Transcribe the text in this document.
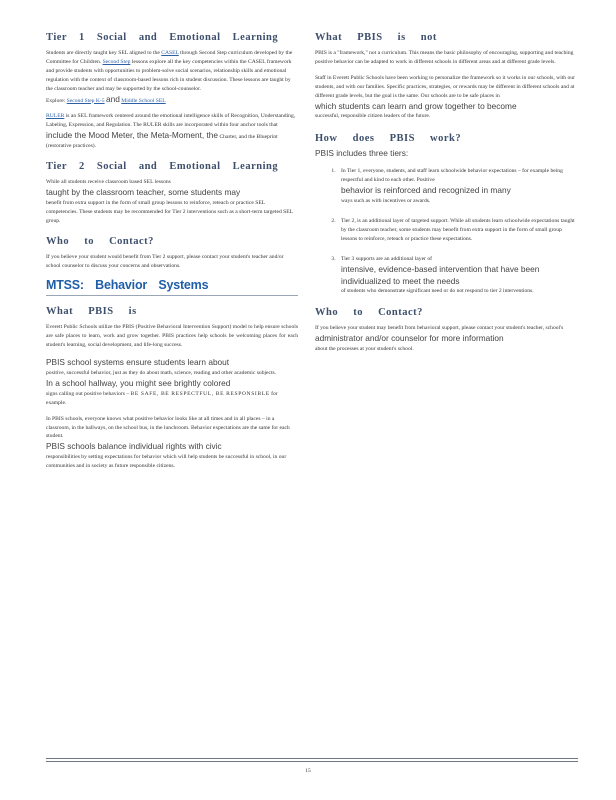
Tier 1 Social and Emotional Learning

Students are directly taught key SEL aligned to the CASEL through Second Step curriculum developed by the Committee for Children. Second Step lessons explore all the key competencies within the CASEL framework and provide students with opportunities to problem-solve social scenarios, relationship skills and emotional regulation with the context of classroom-based lessons rich in student discussion. These lessons are taught by the classroom teacher and may be supported by the school-counselor.
Explore: Second Step K-5 and Middle School SEL

RULER is an SEL framework centered around the emotional intelligence skills of Recognition, Understanding, Labeling, Expression, and Regulation. The RULER skills are incorporated within four anchor tools that include the Mood Meter, the Meta-Moment, the Charter, and the Blueprint (restorative practices).

Tier 2 Social and Emotional Learning

While all students receive classroom based SEL lessons
taught by the classroom teacher, some students may
benefit from extra support in the form of small group lessons to reinforce, reteach or practice SEL competencies. These students may be recommended for Tier 2 interventions such as a short-term targeted SEL group.

Who to Contact?

If you believe your student would benefit from Tier 2 support, please contact your student's teacher and/or school counselor to discuss your concerns and observations.

MTSS: Behavior Systems
What PBIS is

Everett Public Schools utilize the PBIS (Positive Behavioral Intervention Support) model to help ensure schools are safe places to learn, work and grow together. PBIS practices help schools be welcoming places for each student's learning, social development, and life-long success.

PBIS school systems ensure students learn about
positive, successful behavior, just as they do about math, science, reading and other academic subjects.
In a school hallway, you might see brightly colored
signs calling out positive behaviors – BE SAFE, BE RESPECTFUL, BE RESPONSIBLE for example.

In PBIS schools, everyone knows what positive behavior looks like at all times and in all places – in a classroom, in the hallways, on the school bus, in the lunchroom. Behavior expectations are the same for each student.
PBIS schools balance individual rights with civic
responsibilities by setting expectations for behavior which will help students be successful in school, in our communities and in society as future responsible citizens.

What PBIS is not

PBIS is a "framework," not a curriculum. This means the basic philosophy of encouraging, supporting and teaching positive behavior can be adapted to work in different schools in different areas and at different grade levels.

Staff in Everett Public Schools have been working to personalize the framework so it works in our schools, with our students, and with our families. Specific practices, strategies, or rewards may be different in different schools and at different grade levels, but the goal is the same. Our schools are to be safe places in
which students can learn and grow together to become
successful, responsible citizen leaders of the future.

How does PBIS work?
PBIS includes three tiers:
1. In Tier 1, everyone, students, and staff learn schoolwide behavior expectations – for example being respectful and kind to each other. Positive
behavior is reinforced and recognized in many
ways such as with incentives or awards.
2. Tier 2, is an additional layer of targeted support. While all students learn schoolwide expectations taught by the classroom teacher, some students may benefit from extra support in the form of small group lessons to reinforce, reteach or practice these expectations.
3. Tier 3 supports are an additional layer of
intensive, evidence-based intervention that have been individualized to meet the needs
of students who demonstrate significant need or do not respond to tier 2 interventions.
Who to Contact?

If you believe your student may benefit from behavioral support, please contact your student's teacher, school's
administrator and/or counselor for more information
about the processes at your student's school.

15
